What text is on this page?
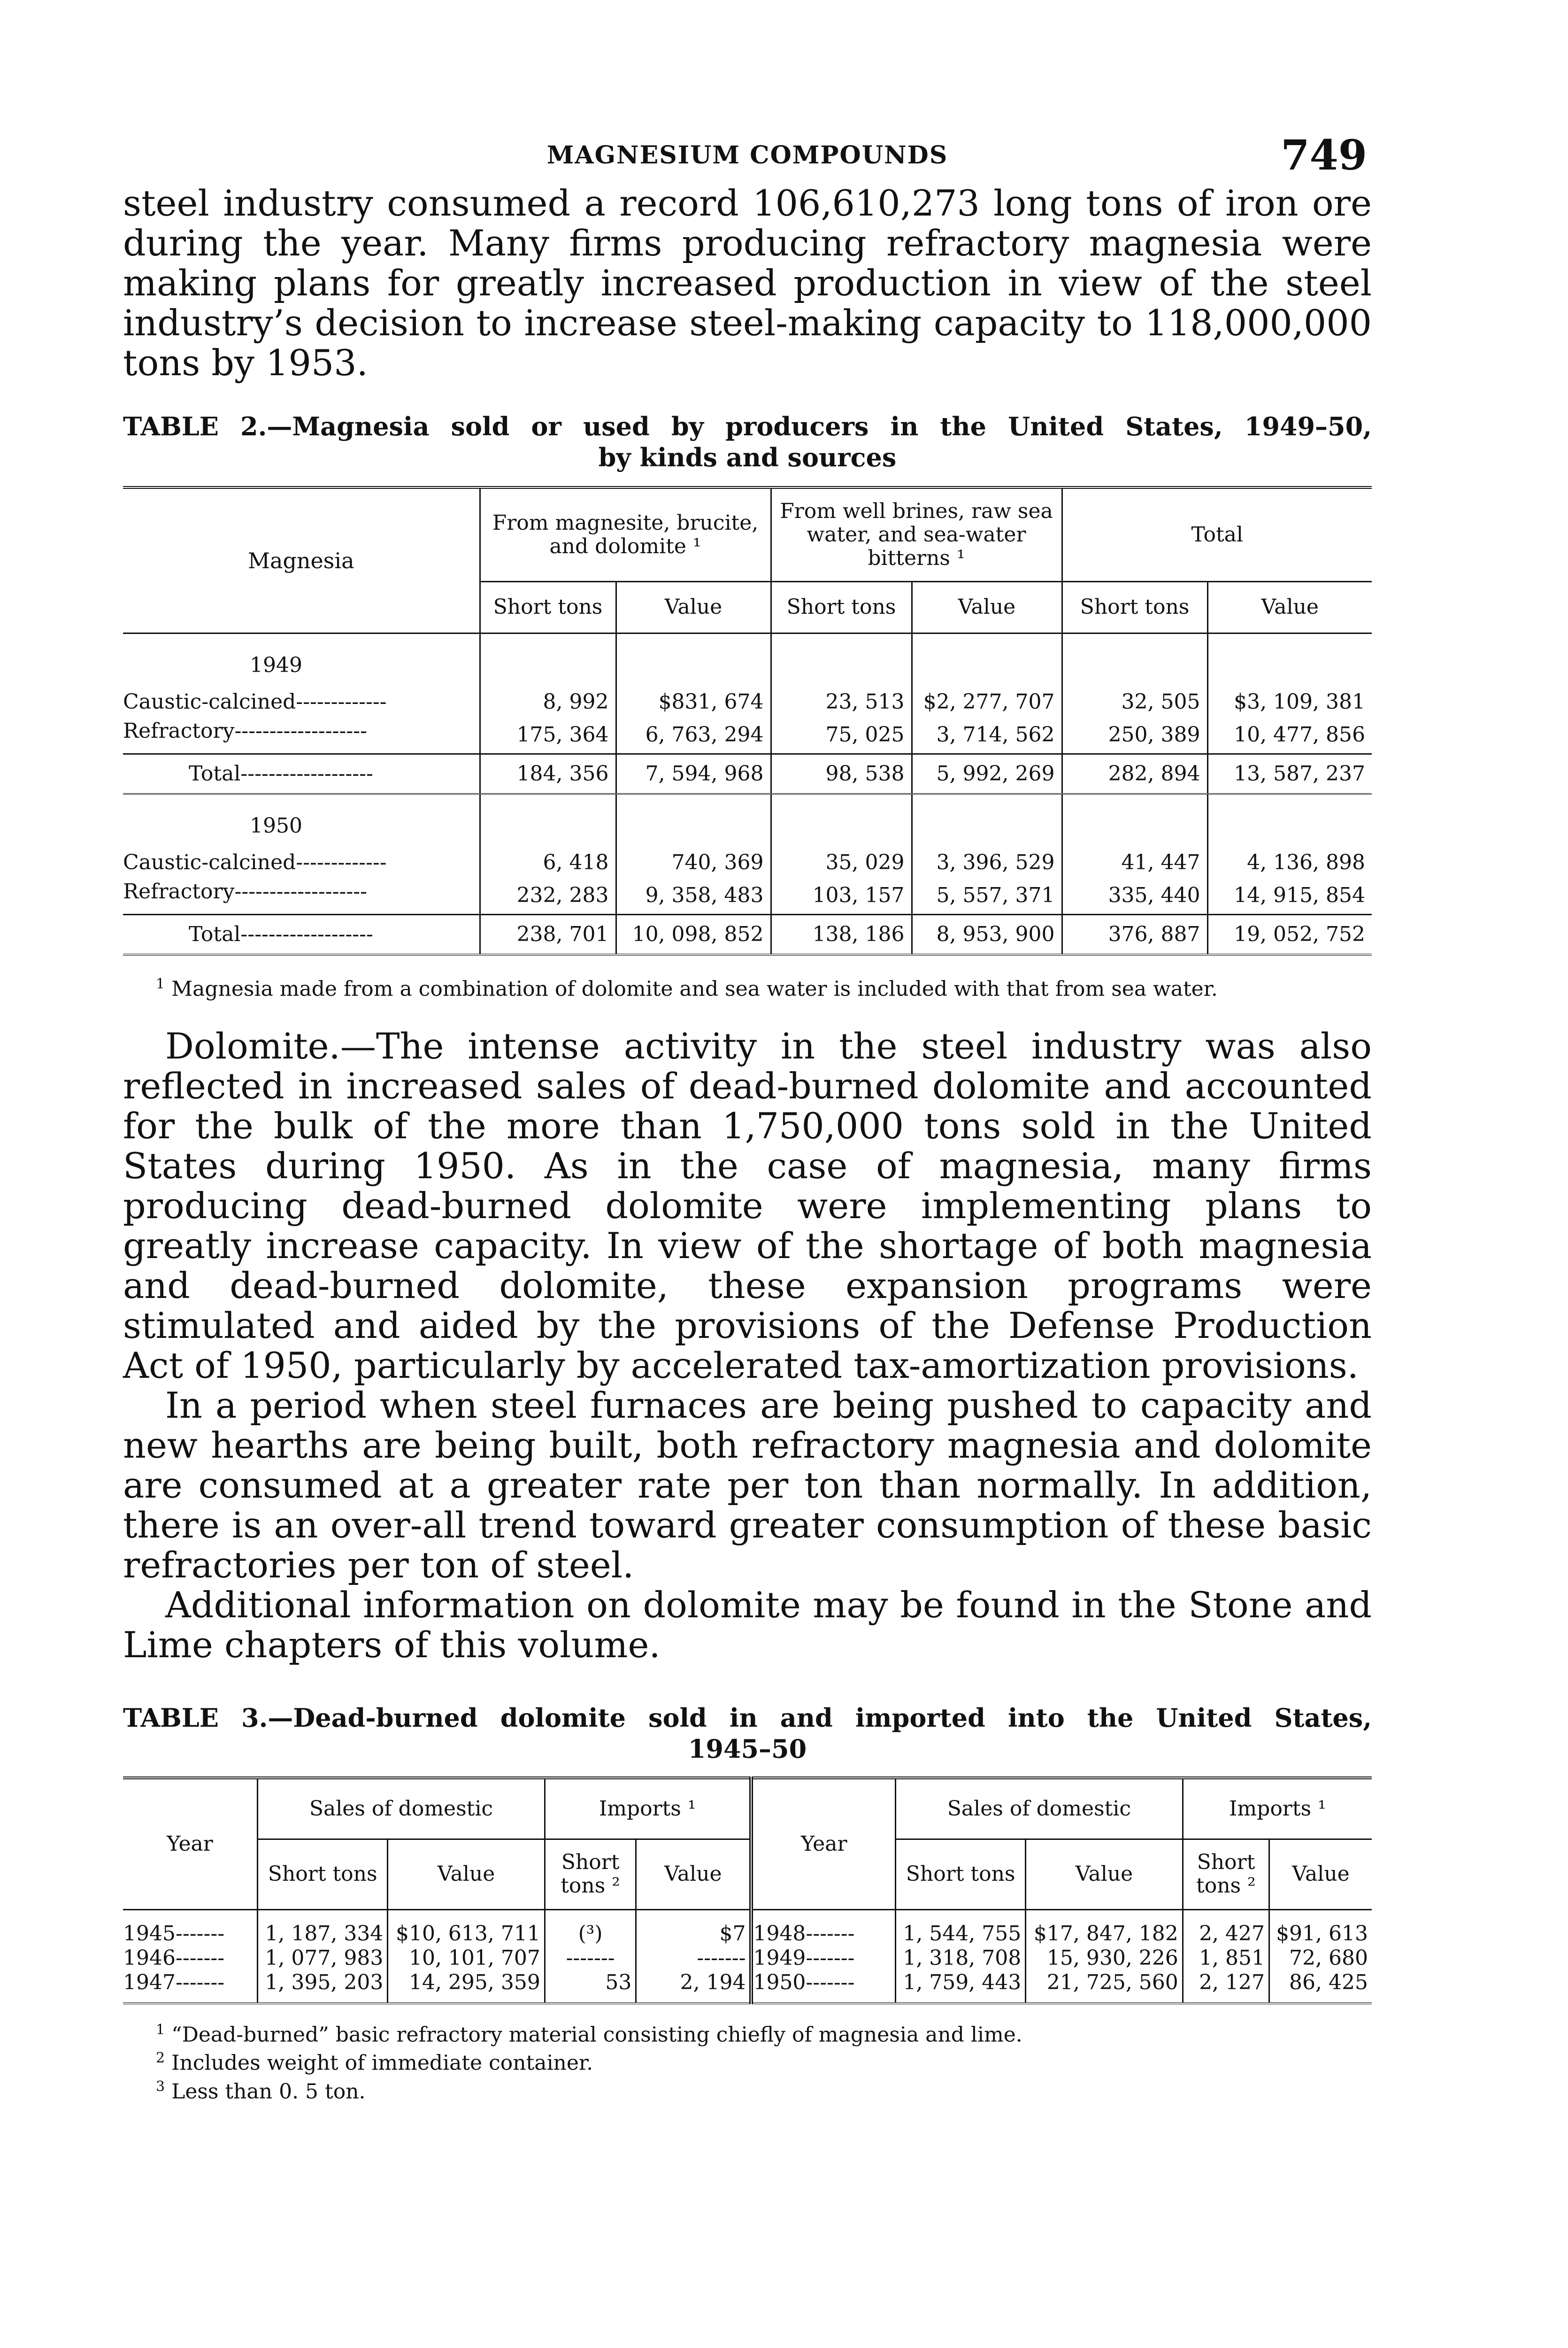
MAGNESIUM COMPOUNDS	749

steel industry consumed a record 106,610,273 long tons of iron ore during the year. Many firms producing refractory magnesia were making plans for greatly increased production in view of the steel industry’s decision to increase steel-making capacity to 118,000,000 tons by 1953.

TABLE 2.—Magnesia sold or used by producers in the United States, 1949–50,
by kinds and sources
Magnesia	From magnesite, brucite, and dolomite ¹		From well brines, raw sea water, and sea-water bitterns ¹		Total	
	Short tons	Value	Short tons	Value	Short tons	Value
1949						
Caustic-calcined-------------	8, 992	$831, 674	23, 513	$2, 277, 707	32, 505	$3, 109, 381
Refractory-------------------	175, 364	6, 763, 294	75, 025	3, 714, 562	250, 389	10, 477, 856
Total-------------------	184, 356	7, 594, 968	98, 538	5, 992, 269	282, 894	13, 587, 237
1950						
Caustic-calcined-------------	6, 418	740, 369	35, 029	3, 396, 529	41, 447	4, 136, 898
Refractory-------------------	232, 283	9, 358, 483	103, 157	5, 557, 371	335, 440	14, 915, 854
Total-------------------	238, 701	10, 098, 852	138, 186	8, 953, 900	376, 887	19, 052, 752
$^1$ Magnesia made from a combination of dolomite and sea water is included with that from sea water.

Dolomite.—The intense activity in the steel industry was also reflected in increased sales of dead-burned dolomite and accounted for the bulk of the more than 1,750,000 tons sold in the United States during 1950. As in the case of magnesia, many firms producing dead-burned dolomite were implementing plans to greatly increase capacity. In view of the shortage of both magnesia and dead-burned dolomite, these expansion programs were stimulated and aided by the provisions of the Defense Production Act of 1950, particularly by accelerated tax-amortization provisions.

In a period when steel furnaces are being pushed to capacity and new hearths are being built, both refractory magnesia and dolomite are consumed at a greater rate per ton than normally. In addition, there is an over-all trend toward greater consumption of these basic refractories per ton of steel.

Additional information on dolomite may be found in the Stone and Lime chapters of this volume.

TABLE 3.—Dead-burned dolomite sold in and imported into the United States,
1945–50
Year	Sales of domestic		Imports ¹		Year	Sales of domestic		Imports ¹	
	Short tons	Value	Short tons ²	Value		Short tons	Value	Short tons ²	Value
1945-------	1, 187, 334	$10, 613, 711	(³)	$7	1948-------	1, 544, 755	$17, 847, 182	2, 427	$91, 613
1946-------	1, 077, 983	10, 101, 707	-------	-------	1949-------	1, 318, 708	15, 930, 226	1, 851	72, 680
1947-------	1, 395, 203	14, 295, 359	53	2, 194	1950-------	1, 759, 443	21, 725, 560	2, 127	86, 425
$^1$ “Dead-burned” basic refractory material consisting chiefly of magnesia and lime.
$^2$ Includes weight of immediate container.
$^3$ Less than 0. 5 ton.
